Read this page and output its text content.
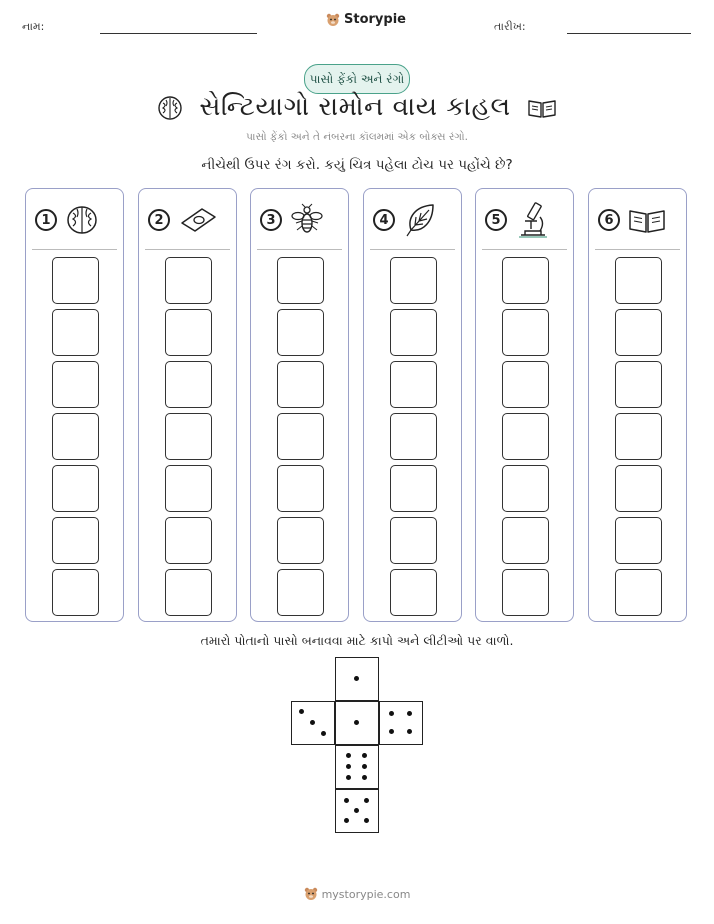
નામ:	Storypie	તારીખ:
પાસો ફેંકો અને રંગો
સેન્ટિયાગો રામોન વાય કાહલ
પાસો ફેંકો અને તે નંબરના કૉલમમાં એક બોક્સ રંગો.
નીચેથી ઉપર રંગ કરો. કયું ચિત્ર પહેલા ટોચ પર પહોંચે છે?
1	2	3	4	5	6
તમારો પોતાનો પાસો બનાવવા માટે કાપો અને લીટીઓ પર વાળો.
mystorypie.com
